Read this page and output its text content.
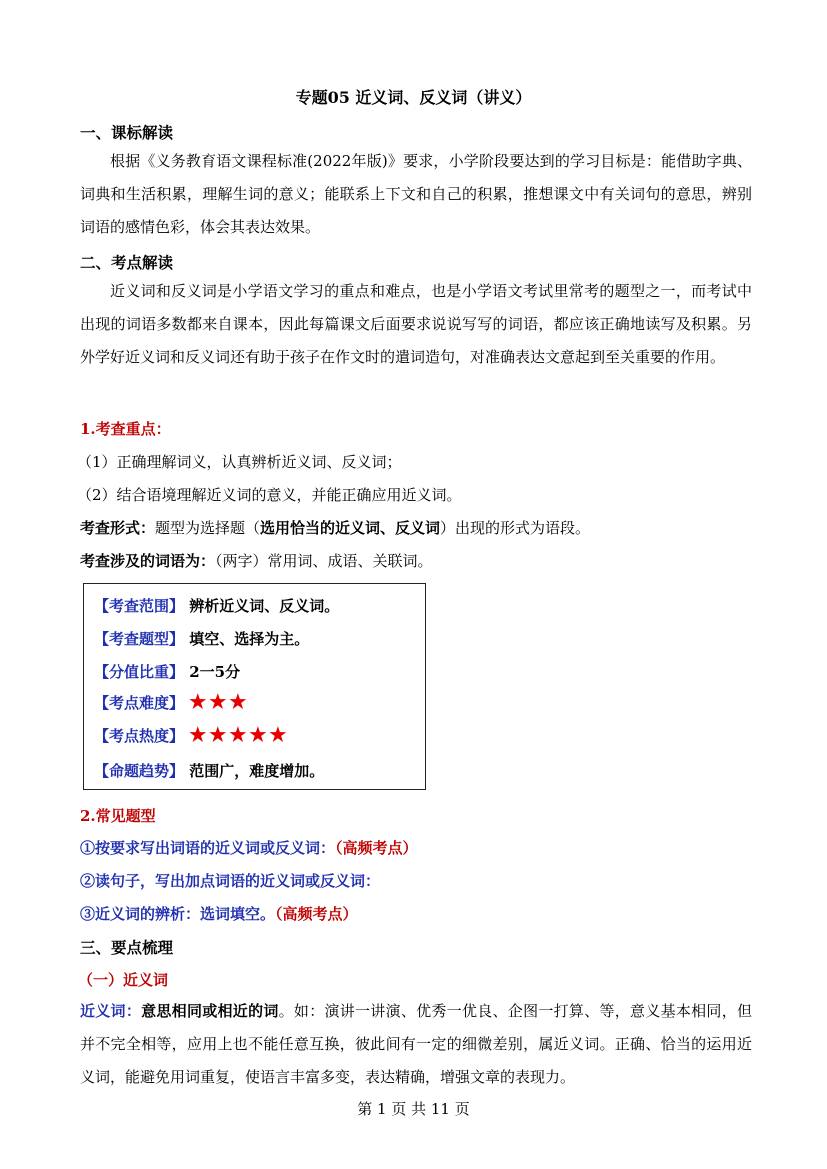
专题05 近义词、反义词（讲义）
一、课标解读
根据《义务教育语文课程标准(2022年版)》要求，小学阶段要达到的学习目标是：能借助字典、词典和生活积累，理解生词的意义；能联系上下文和自己的积累，推想课文中有关词句的意思，辨别词语的感情色彩，体会其表达效果。
二、考点解读
近义词和反义词是小学语文学习的重点和难点，也是小学语文考试里常考的题型之一，而考试中出现的词语多数都来自课本，因此每篇课文后面要求说说写写的词语，都应该正确地读写及积累。另外学好近义词和反义词还有助于孩子在作文时的遣词造句，对准确表达文意起到至关重要的作用。
1.考查重点：
（1）正确理解词义，认真辨析近义词、反义词；
（2）结合语境理解近义词的意义，并能正确应用近义词。
考查形式：题型为选择题（选用恰当的近义词、反义词）出现的形式为语段。
考查涉及的词语为：（两字）常用词、成语、关联词。
【考查范围】 辨析近义词、反义词。
【考查题型】 填空、选择为主。
【分值比重】 2一5分
【考点难度】 ★★★
【考点热度】 ★★★★★
【命题趋势】 范围广，难度增加。
2.常见题型
①按要求写出词语的近义词或反义词：（高频考点）
②读句子，写出加点词语的近义词或反义词：
③近义词的辨析：选词填空。（高频考点）
三、要点梳理
（一）近义词
近义词：意思相同或相近的词。如：演讲一讲演、优秀一优良、企图一打算、等，意义基本相同，但并不完全相等，应用上也不能任意互换，彼此间有一定的细微差别，属近义词。正确、恰当的运用近义词，能避免用词重复，使语言丰富多变，表达精确，增强文章的表现力。
第 1 页 共 11 页
